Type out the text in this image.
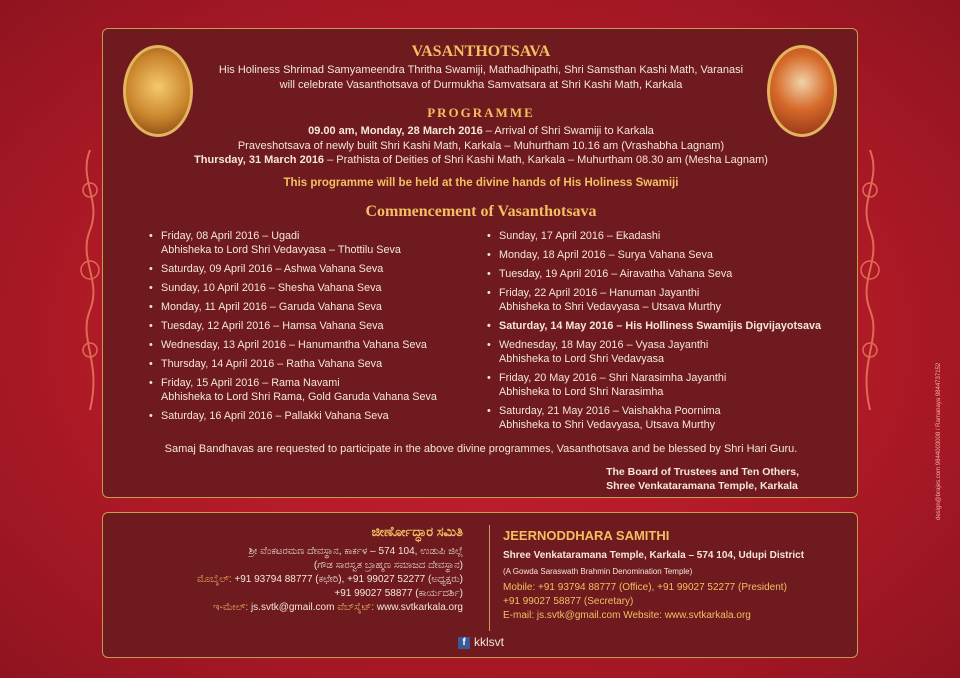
VASANTHOTSAVA
His Holiness Shrimad Samyameendra Thritha Swamiji, Mathadhipathi, Shri Samsthan Kashi Math, Varanasi
will celebrate Vasanthotsava of Durmukha Samvatsara at Shri Kashi Math, Karkala
PROGRAMME
09.00 am, Monday, 28 March 2016 – Arrival of Shri Swamiji to Karkala
Praveshotsava of newly built Shri Kashi Math, Karkala – Muhurtham 10.16 am (Vrashabha Lagnam)
Thursday, 31 March 2016 – Prathista of Deities of Shri Kashi Math, Karkala – Muhurtham 08.30 am (Mesha Lagnam)
This programme will be held at the divine hands of His Holiness Swamiji
Commencement of Vasanthotsava
• Friday, 08 April 2016 – Ugadi
Abhisheka to Lord Shri Vedavyasa – Thottilu Seva
• Saturday, 09 April 2016 – Ashwa Vahana Seva
• Sunday, 10 April 2016 – Shesha Vahana Seva
• Monday, 11 April 2016 – Garuda Vahana Seva
• Tuesday, 12 April 2016 – Hamsa Vahana Seva
• Wednesday, 13 April 2016 – Hanumantha Vahana Seva
• Thursday, 14 April 2016 – Ratha Vahana Seva
• Friday, 15 April 2016 – Rama Navami
Abhisheka to Lord Shri Rama, Gold Garuda Vahana Seva
• Saturday, 16 April 2016 – Pallakki Vahana Seva
• Sunday, 17 April 2016 – Ekadashi
• Monday, 18 April 2016 – Surya Vahana Seva
• Tuesday, 19 April 2016 – Airavatha Vahana Seva
• Friday, 22 April 2016 – Hanuman Jayanthi
Abhisheka to Shri Vedavyasa – Utsava Murthy
• Saturday, 14 May 2016 – His Holliness Swamijis Digvijayotsava
• Wednesday, 18 May 2016 – Vyasa Jayanthi
Abhisheka to Lord Shri Vedavyasa
• Friday, 20 May 2016 – Shri Narasimha Jayanthi
Abhisheka to Lord Shri Narasimha
• Saturday, 21 May 2016 – Vaishakha Poornima
Abhisheka to Shri Vedavyasa, Utsava Murthy
Samaj Bandhavas are requested to participate in the above divine programmes, Vasanthotsava and be blessed by Shri Hari Guru.
The Board of Trustees and Ten Others,
Shree Venkataramana Temple, Karkala
ಜೀರ್ಣೋದ್ಧಾರ ಸಮಿತಿ
ಶ್ರೀ ವೆಂಕಟರಮಣ ದೇವಸ್ಥಾನ, ಕಾರ್ಕಳ – 574 104, ಉಡುಪಿ ಜಿಲ್ಲೆ
(ಗೌಡ ಸಾರಸ್ವತ ಬ್ರಾಹ್ಮಣ ಸಮಾಜದ ದೇವಸ್ಥಾನ)
ಮೊಬೈಲ್: +91 93794 88777 (ಕಛೇರಿ), +91 99027 52277 (ಅಧ್ಯಕ್ಷರು)
+91 99027 58877 (ಕಾರ್ಯದರ್ಶಿ)
ಇ-ಮೇಲ್: js.svtk@gmail.com ವೆಬ್‌ಸೈಟ್: www.svtkarkala.org
JEERNODDHARA SAMITHI
Shree Venkataramana Temple, Karkala – 574 104, Udupi District
(A Gowda Saraswath Brahmin Denomination Temple)
Mobile: +91 93794 88777 (Office), +91 99027 52277 (President)
+91 99027 58877 (Secretary)
E-mail: js.svtk@gmail.com Website: www.svtkarkala.org
f kklsvt
design@brajes.com 9844003008 / Ramanaya 9844737152
